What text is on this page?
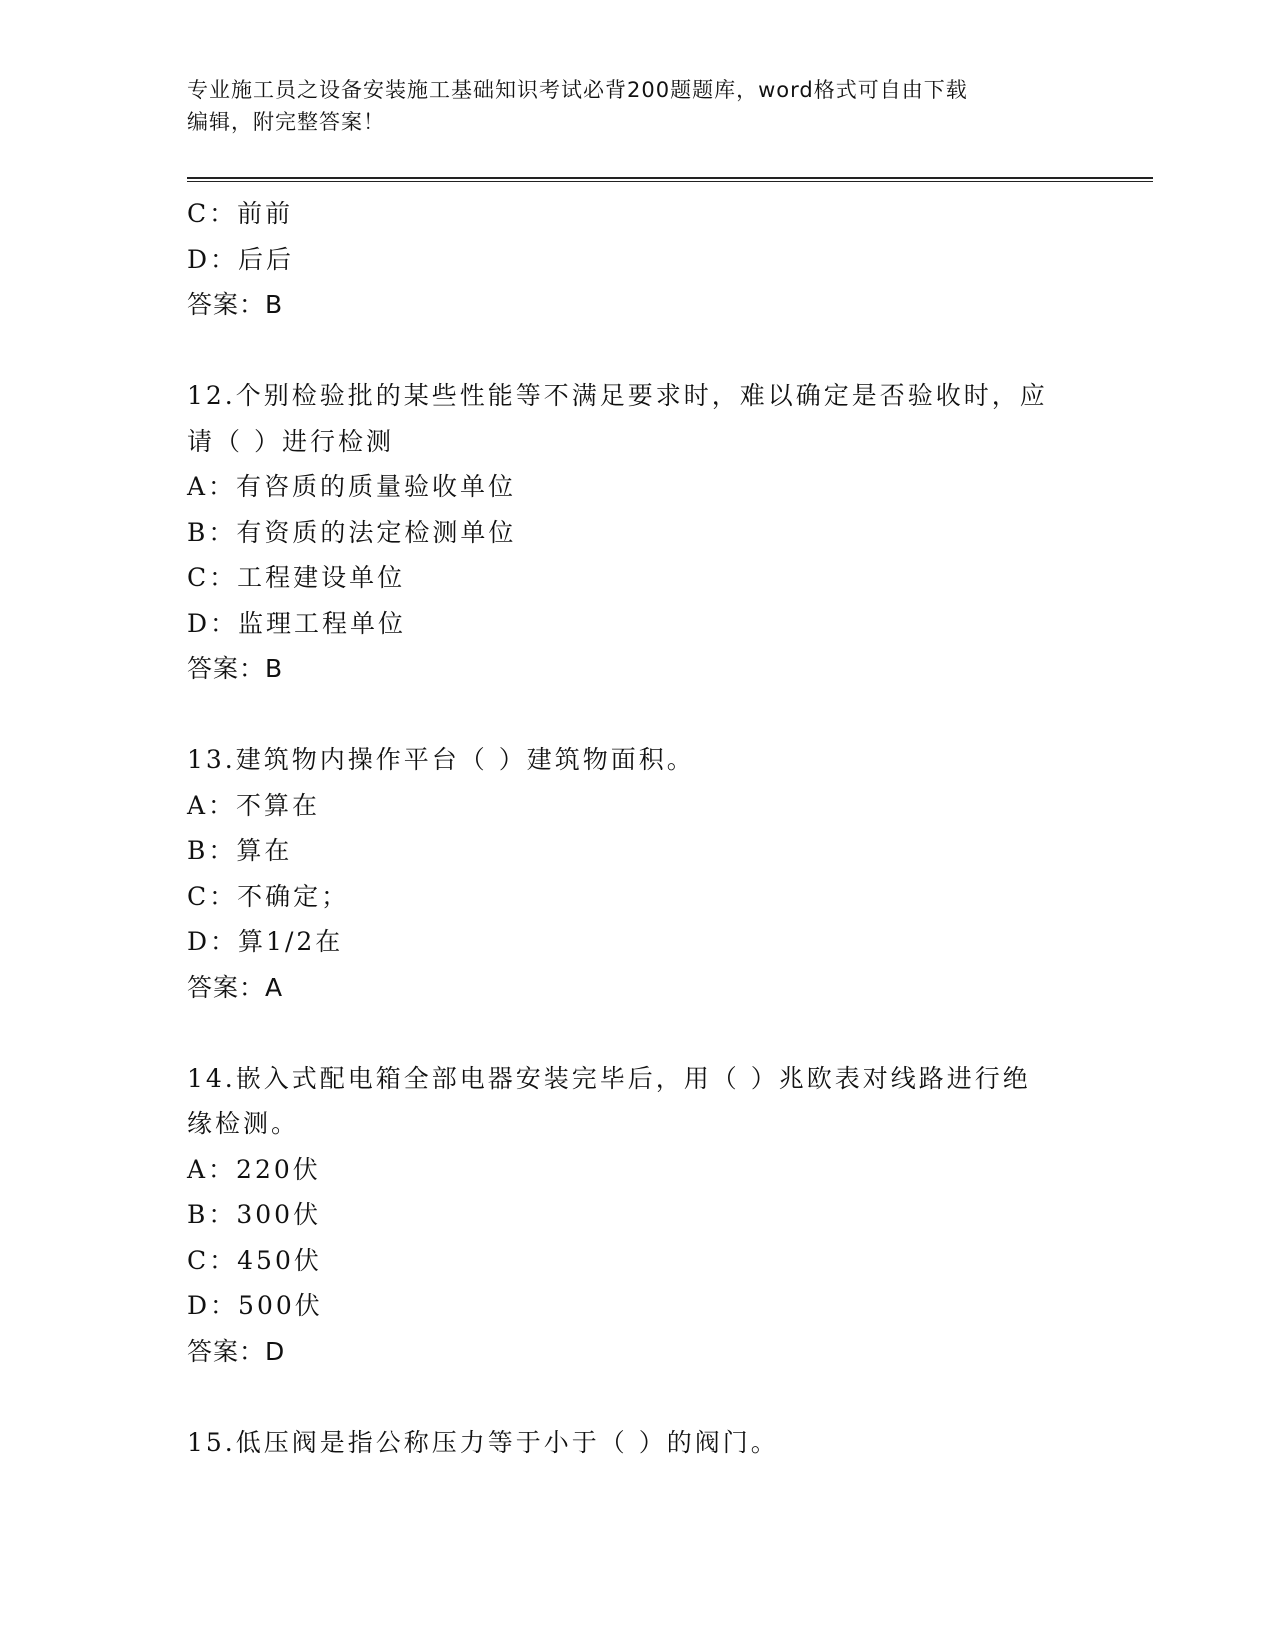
专业施工员之设备安装施工基础知识考试必背200题题库，word格式可自由下载
编辑，附完整答案！
C：前前
D：后后
答案：B
12.个别检验批的某些性能等不满足要求时，难以确定是否验收时，应
请（ ）进行检测
A：有咨质的质量验收单位
B：有资质的法定检测单位
C：工程建设单位
D：监理工程单位
答案：B
13.建筑物内操作平台（ ）建筑物面积。
A：不算在
B：算在
C：不确定；
D：算1/2在
答案：A
14.嵌入式配电箱全部电器安装完毕后，用（ ）兆欧表对线路进行绝
缘检测。
A：220伏
B：300伏
C：450伏
D：500伏
答案：D
15.低压阀是指公称压力等于小于（ ）的阀门。
